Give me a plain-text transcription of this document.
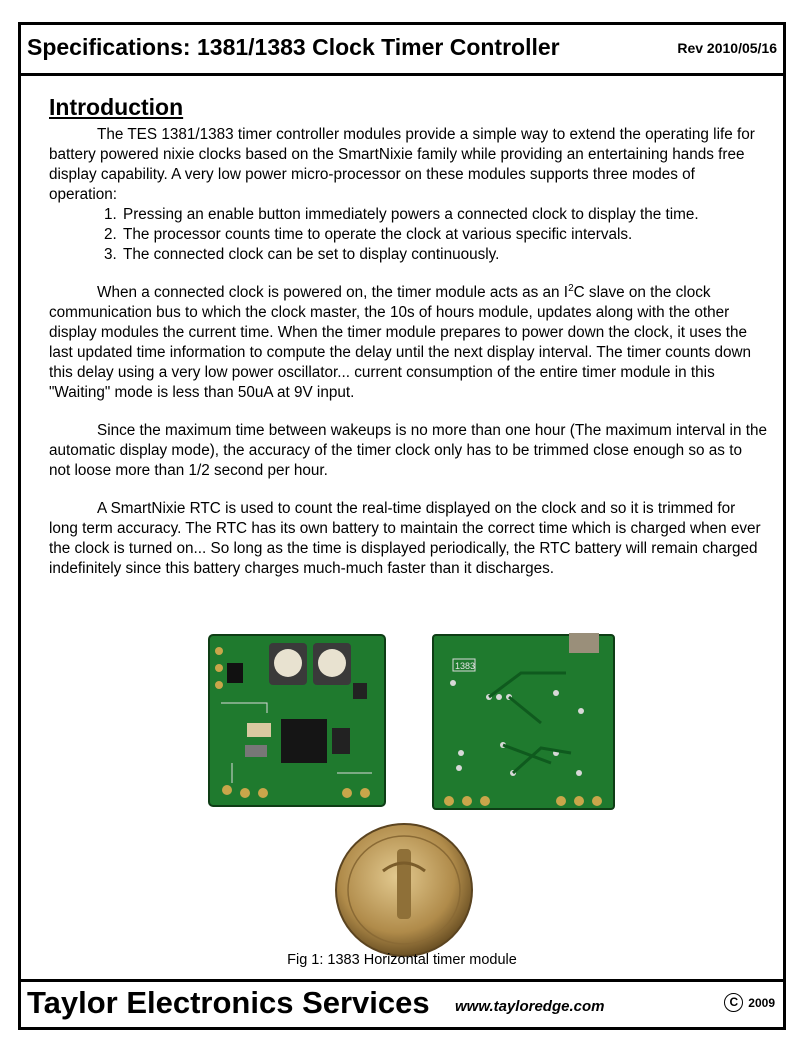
Specifications: 1381/1383 Clock Timer Controller	Rev 2010/05/16
1383
Introduction

The TES 1381/1383 timer controller modules provide a simple way to extend the operating life for battery powered nixie clocks based on the SmartNixie family while providing an entertaining hands free display capability. A very low power micro-processor on these modules supports three modes of operation:

1. Pressing an enable button immediately powers a connected clock to display the time.
2. The processor counts time to operate the clock at various specific intervals.
3. The connected clock can be set to display continuously.

When a connected clock is powered on, the timer module acts as an $I^2C$ slave on the clock communication bus to which the clock master, the 10s of hours module, updates along with the other display modules the current time. When the timer module prepares to power down the clock, it uses the last updated time information to compute the delay until the next display interval. The timer counts down this delay using a very low power oscillator... current consumption of the entire timer module in this "Waiting" mode is less than 50uA at 9V input.

Since the maximum time between wakeups is no more than one hour (The maximum interval in the automatic display mode), the accuracy of the timer clock only has to be trimmed close enough so as to not loose more than 1/2 second per hour.

A SmartNixie RTC is used to count the real-time displayed on the clock and so it is trimmed for long term accuracy. The RTC has its own battery to maintain the correct time which is charged when ever the clock is turned on... So long as the time is displayed periodically, the RTC battery will remain charged indefinitely since this battery charges much-much faster than it discharges.

Fig 1: 1383 Horizontal timer module
Taylor Electronics Services www.tayloredge.com	C 2009
